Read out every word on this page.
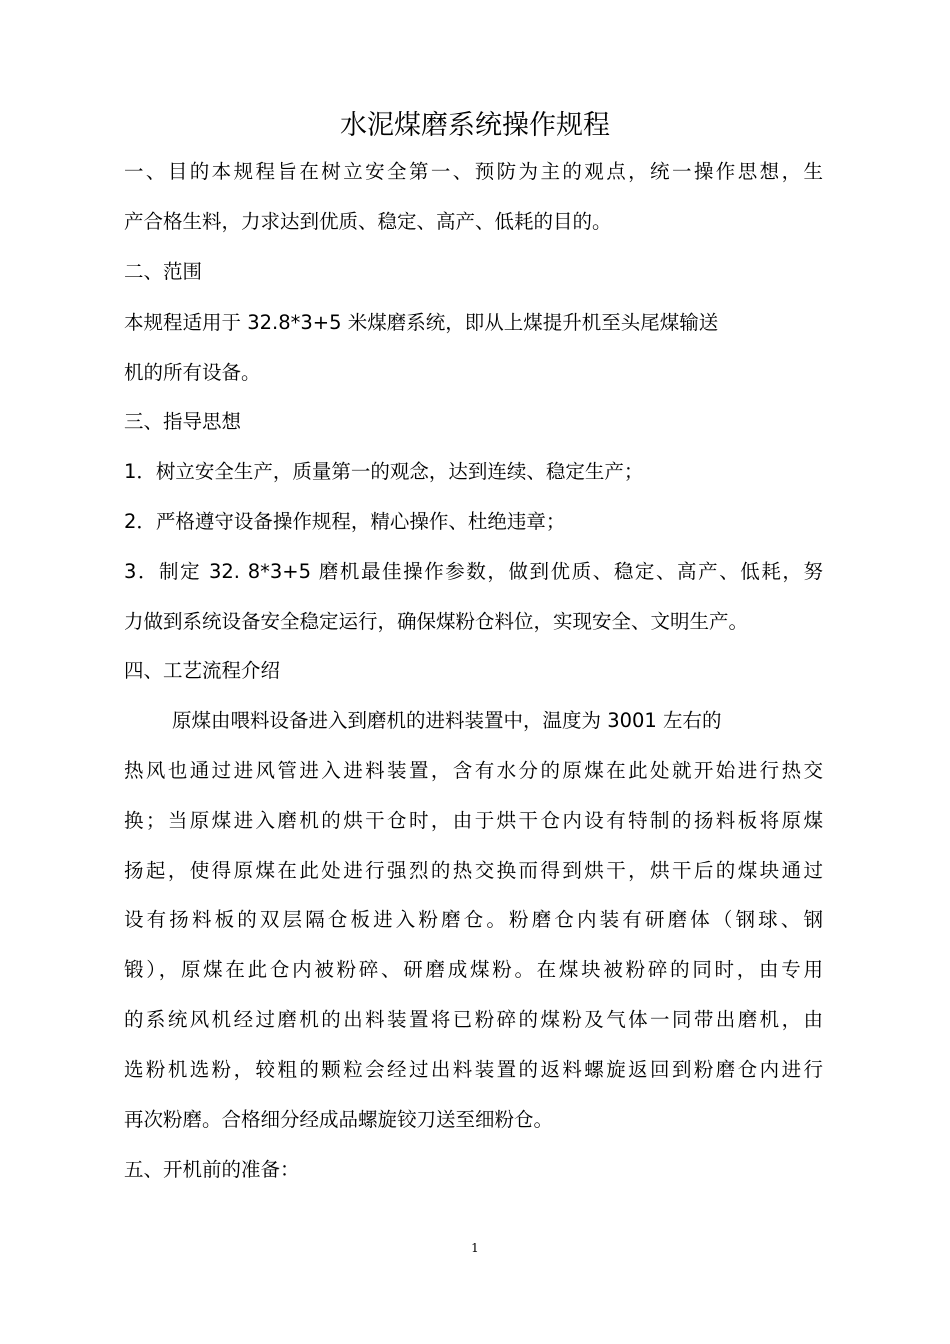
水泥煤磨系统操作规程
一、目的本规程旨在树立安全第一、预防为主的观点，统一操作思想，生
产合格生料，力求达到优质、稳定、高产、低耗的目的。
二、范围
本规程适用于 32.8*3+5 米煤磨系统，即从上煤提升机至头尾煤输送
机的所有设备。
三、指导思想
1．树立安全生产，质量第一的观念，达到连续、稳定生产；
2．严格遵守设备操作规程，精心操作、杜绝违章；
3．制定 32. 8*3+5 磨机最佳操作参数，做到优质、稳定、高产、低耗，努
力做到系统设备安全稳定运行，确保煤粉仓料位，实现安全、文明生产。
四、工艺流程介绍
原煤由喂料设备进入到磨机的进料装置中，温度为 3001 左右的
热风也通过进风管进入进料装置，含有水分的原煤在此处就开始进行热交
换；当原煤进入磨机的烘干仓时，由于烘干仓内设有特制的扬料板将原煤
扬起，使得原煤在此处进行强烈的热交换而得到烘干，烘干后的煤块通过
设有扬料板的双层隔仓板进入粉磨仓。粉磨仓内装有研磨体（钢球、钢
锻），原煤在此仓内被粉碎、研磨成煤粉。在煤块被粉碎的同时，由专用
的系统风机经过磨机的出料装置将已粉碎的煤粉及气体一同带出磨机，由
选粉机选粉，较粗的颗粒会经过出料装置的返料螺旋返回到粉磨仓内进行
再次粉磨。合格细分经成品螺旋铰刀送至细粉仓。
五、开机前的准备：
1
